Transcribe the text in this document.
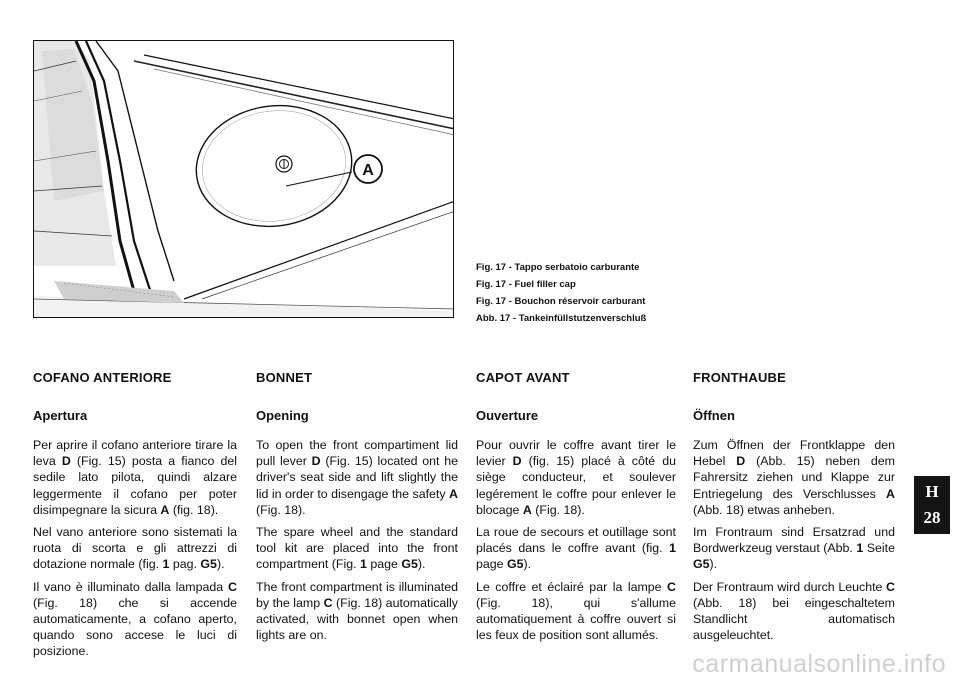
A
Fig. 17 - Tappo serbatoio carburante
Fig. 17 - Fuel filler cap
Fig. 17 - Bouchon réservoir carburant
Abb. 17 - Tankeinfüllstutzenverschluß
COFANO ANTERIORE
Apertura

Per aprire il cofano anteriore tirare la leva D (Fig. 15) posta a fianco del sedile lato pilota, quindi alzare leggermente il cofano per poter disimpegnare la sicura A (fig. 18).

Nel vano anteriore sono sistemati la ruota di scorta e gli attrezzi di dotazione normale (fig. 1 pag. G5).

Il vano è illuminato dalla lampada C (Fig. 18) che si accende automaticamente, a cofano aperto, quando sono accese le luci di posizione.

BONNET
Opening

To open the front compartiment lid pull lever D (Fig. 15) located ont he driver's seat side and lift slightly the lid in order to disengage the safety A (Fig. 18).

The spare wheel and the standard tool kit are placed into the front compartment (Fig. 1 page G5).

The front compartment is illuminated by the lamp C (Fig. 18) automatically activated, with bonnet open when lights are on.

CAPOT AVANT
Ouverture

Pour ouvrir le coffre avant tirer le levier D (fig. 15) placé à côté du siège conducteur, et soulever legérement le coffre pour enlever le blocage A (Fig. 18).

La roue de secours et outillage sont placés dans le coffre avant (fig. 1 page G5).

Le coffre et éclairé par la lampe C (Fig. 18), qui s'allume automatiquement à coffre ouvert si les feux de position sont allumés.

FRONTHAUBE
Öffnen

Zum Öffnen der Frontklappe den Hebel D (Abb. 15) neben dem Fahrersitz ziehen und Klappe zur Entriegelung des Verschlusses A (Abb. 18) etwas anheben.

Im Frontraum sind Ersatzrad und Bordwerkzeug verstaut (Abb. 1 Seite G5).

Der Frontraum wird durch Leuchte C (Abb. 18) bei eingeschaltetem Standlicht automatisch ausgeleuchtet.

H
28
carmanualsonline.info
